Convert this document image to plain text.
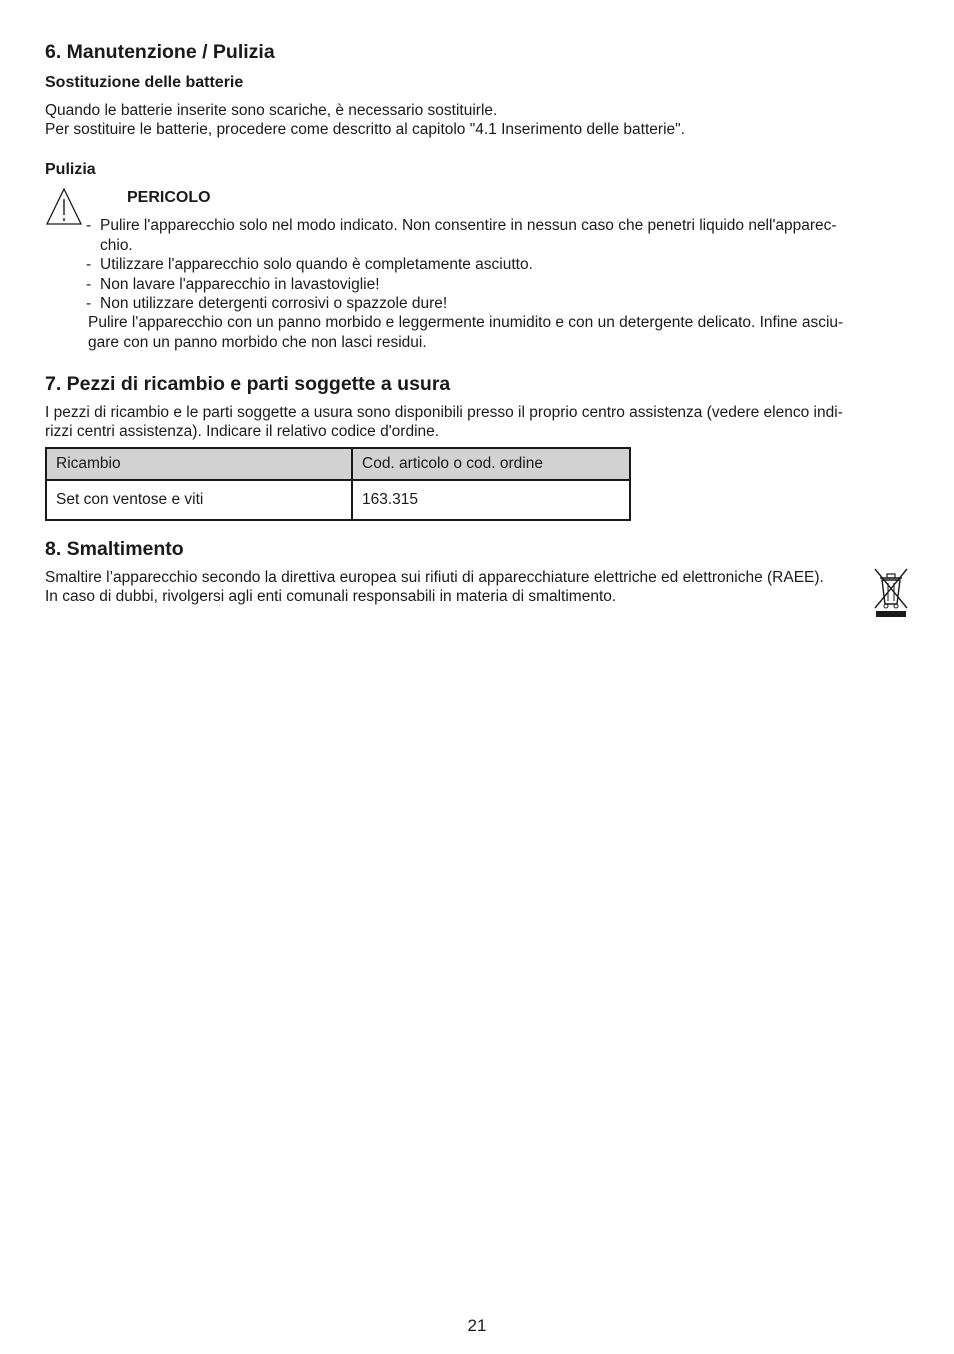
6. Manutenzione / Pulizia
Sostituzione delle batterie

Quando le batterie inserite sono scariche, è necessario sostituirle.
Per sostituire le batterie, procedere come descritto al capitolo "4.1 Inserimento delle batterie".

Pulizia
PERICOLO
- Pulire l'apparecchio solo nel modo indicato. Non consentire in nessun caso che penetri liquido nell'apparec-
chio.
- Utilizzare l'apparecchio solo quando è completamente asciutto.
- Non lavare l'apparecchio in lavastoviglie!
- Non utilizzare detergenti corrosivi o spazzole dure!
Pulire l'apparecchio con un panno morbido e leggermente inumidito e con un detergente delicato. Infine asciu-
gare con un panno morbido che non lasci residui.
7. Pezzi di ricambio e parti soggette a usura

I pezzi di ricambio e le parti soggette a usura sono disponibili presso il proprio centro assistenza (vedere elenco indi-
rizzi centri assistenza). Indicare il relativo codice d'ordine.

Ricambio	Cod. articolo o cod. ordine
Set con ventose e viti	163.315
8. Smaltimento

Smaltire l’apparecchio secondo la direttiva europea sui rifiuti di apparecchiature elettriche ed elettroniche (RAEE).
In caso di dubbi, rivolgersi agli enti comunali responsabili in materia di smaltimento.

21
